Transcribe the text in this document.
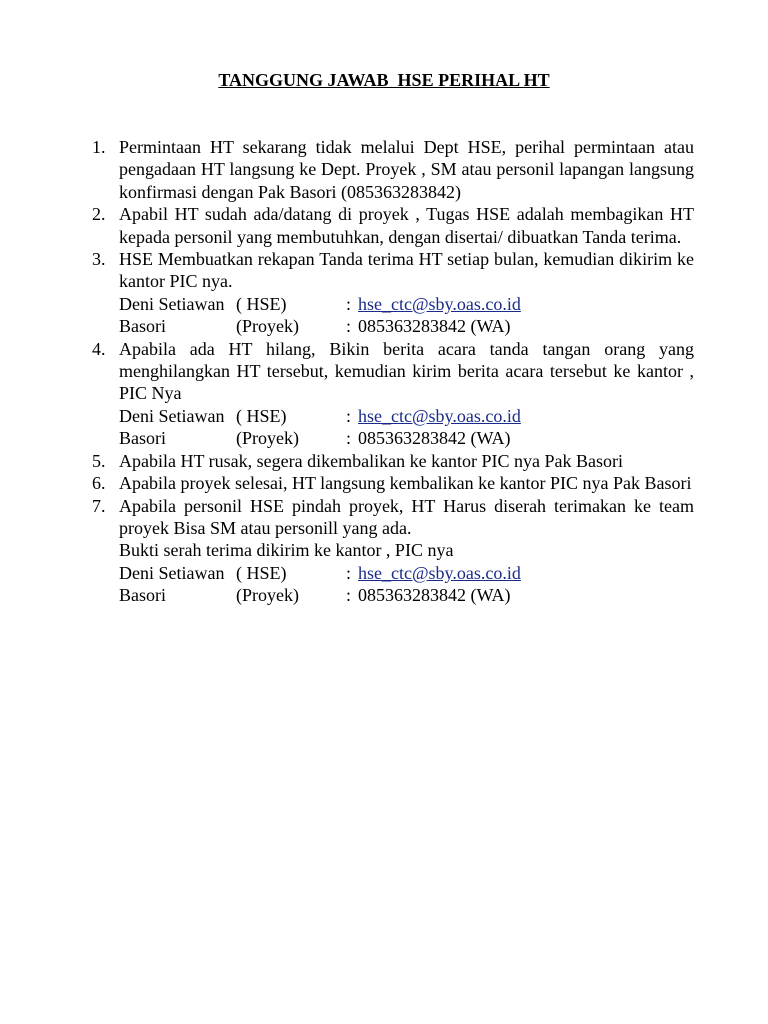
TANGGUNG JAWAB  HSE PERIHAL HT
1. Permintaan HT sekarang tidak melalui Dept HSE, perihal permintaan atau pengadaan HT langsung ke Dept. Proyek , SM atau personil lapangan langsung konfirmasi dengan Pak Basori (085363283842)
2. Apabil HT sudah ada/datang di proyek , Tugas HSE adalah membagikan HT kepada personil yang membutuhkan, dengan disertai/ dibuatkan Tanda terima.
3. HSE Membuatkan rekapan Tanda terima HT setiap bulan, kemudian dikirim ke kantor PIC nya.
Deni Setiawan ( HSE)	: hse_ctc@sby.oas.co.id
Basori	(Proyek)	: 085363283842 (WA)
4. Apabila ada HT hilang, Bikin berita acara tanda tangan orang yang menghilangkan HT tersebut, kemudian kirim berita acara tersebut ke kantor , PIC Nya
Deni Setiawan ( HSE)	: hse_ctc@sby.oas.co.id
Basori	(Proyek)	: 085363283842 (WA)
5. Apabila HT rusak, segera dikembalikan ke kantor PIC nya Pak Basori
6. Apabila proyek selesai, HT langsung kembalikan ke kantor PIC nya Pak Basori
7. Apabila personil HSE pindah proyek, HT Harus diserah terimakan ke team proyek Bisa SM atau personill yang ada.
Bukti serah terima dikirim ke kantor , PIC nya
Deni Setiawan ( HSE)	: hse_ctc@sby.oas.co.id
Basori	(Proyek)	: 085363283842 (WA)
